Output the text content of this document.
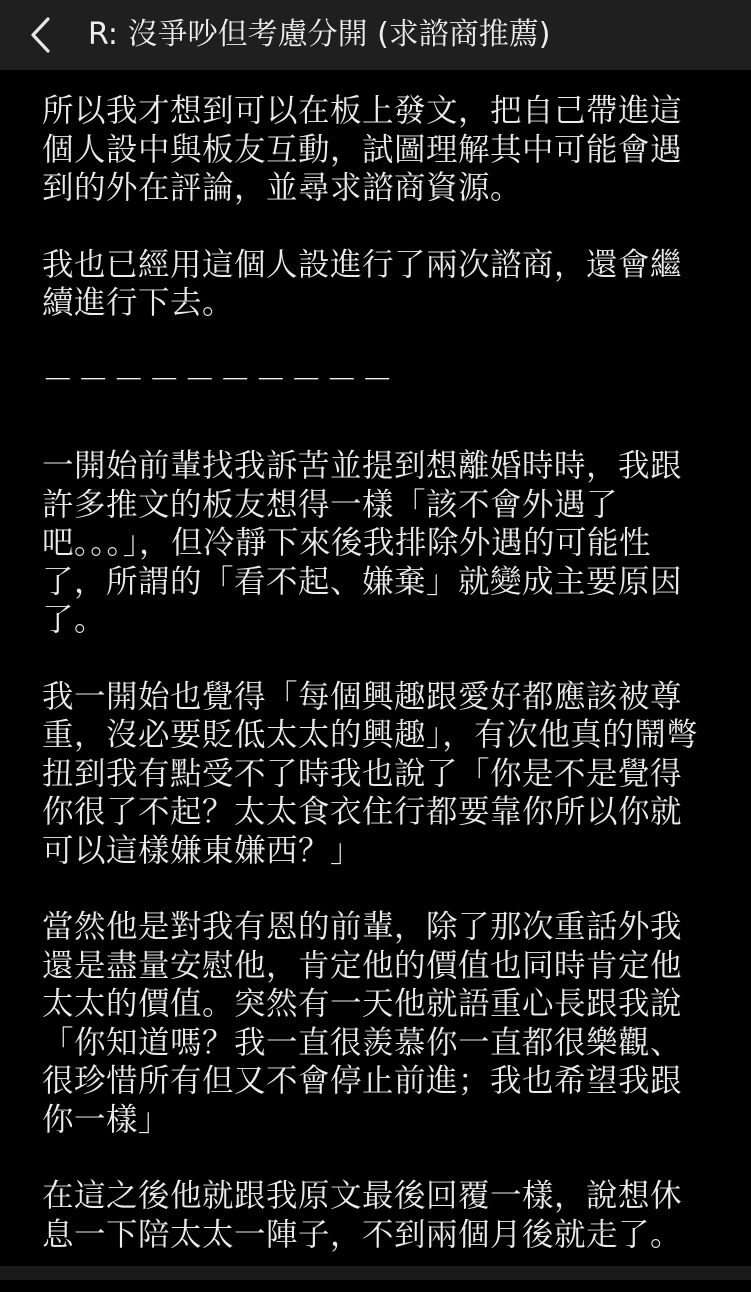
R: 沒爭吵但考慮分開 (求諮商推薦)

所以我才想到可以在板上發文，把自己帶進這個人設中與板友互動，試圖理解其中可能會遇到的外在評論，並尋求諮商資源。

我也已經用這個人設進行了兩次諮商，還會繼續進行下去。

－－－－－－－－－－

一開始前輩找我訴苦並提到想離婚時時，我跟許多推文的板友想得一樣「該不會外遇了吧。。。」，但冷靜下來後我排除外遇的可能性了，所謂的「看不起、嫌棄」就變成主要原因了。

我一開始也覺得「每個興趣跟愛好都應該被尊重，沒必要貶低太太的興趣」，有次他真的鬧彆扭到我有點受不了時我也說了「你是不是覺得你很了不起？太太食衣住行都要靠你所以你就可以這樣嫌東嫌西？」

當然他是對我有恩的前輩，除了那次重話外我還是盡量安慰他，肯定他的價值也同時肯定他太太的價值。突然有一天他就語重心長跟我說「你知道嗎？我一直很羨慕你一直都很樂觀、很珍惜所有但又不會停止前進；我也希望我跟你一樣」

在這之後他就跟我原文最後回覆一樣，說想休息一下陪太太一陣子，不到兩個月後就走了。
